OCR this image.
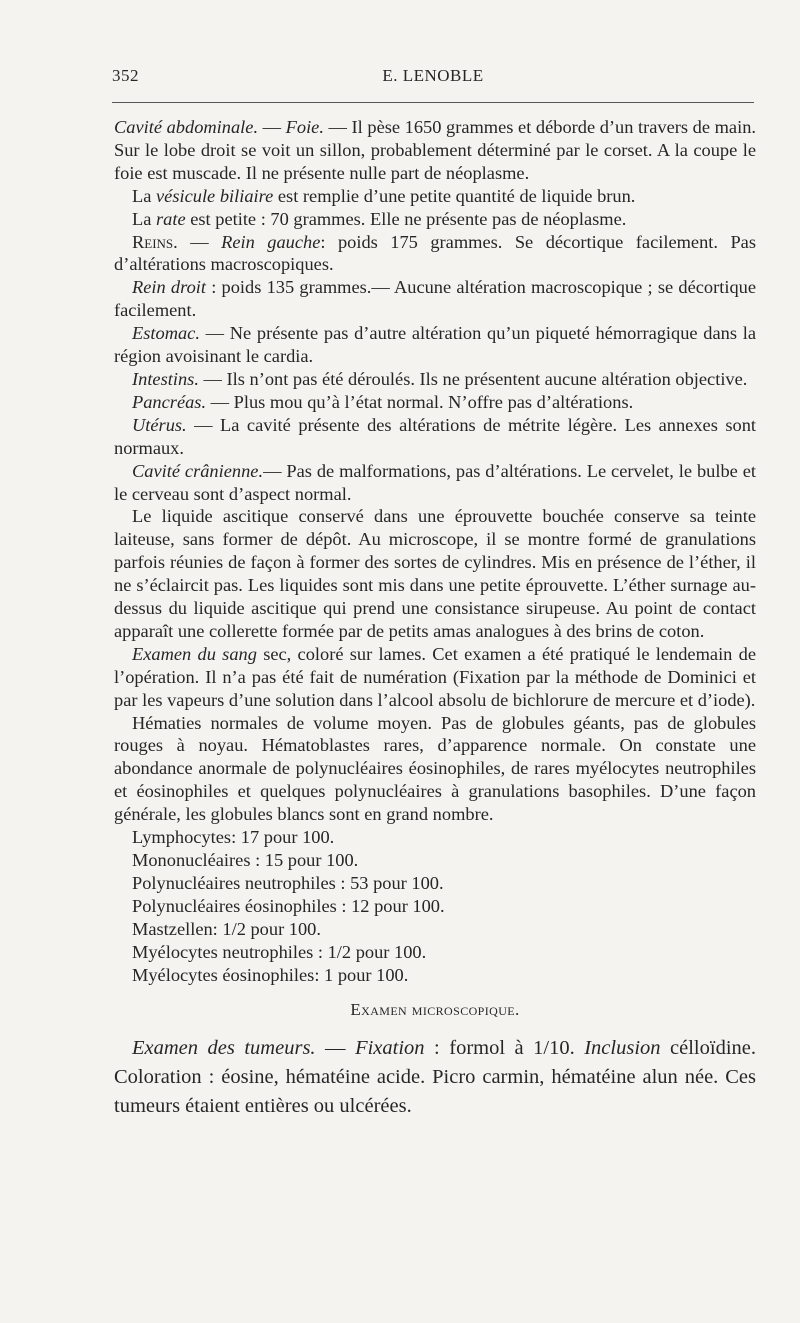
352	E. LENOBLE

Cavité abdominale. — Foie. — Il pèse 1650 grammes et déborde d’un travers de main. Sur le lobe droit se voit un sillon, probablement déterminé par le corset. A la coupe le foie est muscade. Il ne présente nulle part de néoplasme.

La vésicule biliaire est remplie d’une petite quantité de liquide brun.

La rate est petite : 70 grammes. Elle ne présente pas de néoplasme.

Reins. — Rein gauche: poids 175 grammes. Se décortique facilement. Pas d’altérations macroscopiques.

Rein droit : poids 135 grammes.— Aucune altération macroscopique ; se décortique facilement.

Estomac. — Ne présente pas d’autre altération qu’un piqueté hémorragique dans la région avoisinant le cardia.

Intestins. — Ils n’ont pas été déroulés. Ils ne présentent aucune altération objective.

Pancréas. — Plus mou qu’à l’état normal. N’offre pas d’altérations.

Utérus. — La cavité présente des altérations de métrite légère. Les annexes sont normaux.

Cavité crânienne.— Pas de malformations, pas d’altérations. Le cervelet, le bulbe et le cerveau sont d’aspect normal.

Le liquide ascitique conservé dans une éprouvette bouchée conserve sa teinte laiteuse, sans former de dépôt. Au microscope, il se montre formé de granulations parfois réunies de façon à former des sortes de cylindres. Mis en présence de l’éther, il ne s’éclaircit pas. Les liquides sont mis dans une petite éprouvette. L’éther surnage au-dessus du liquide ascitique qui prend une consistance sirupeuse. Au point de contact apparaît une collerette formée par de petits amas analogues à des brins de coton.

Examen du sang sec, coloré sur lames. Cet examen a été pratiqué le lendemain de l’opération. Il n’a pas été fait de numération (Fixation par la méthode de Dominici et par les vapeurs d’une solution dans l’alcool absolu de bichlorure de mercure et d’iode).

Hématies normales de volume moyen. Pas de globules géants, pas de globules rouges à noyau. Hématoblastes rares, d’apparence normale. On constate une abondance anormale de polynucléaires éosinophiles, de rares myélocytes neutrophiles et éosinophiles et quelques polynucléaires à granulations basophiles. D’une façon générale, les globules blancs sont en grand nombre.

Lymphocytes: 17 pour 100.
Mononucléaires : 15 pour 100.
Polynucléaires neutrophiles : 53 pour 100.
Polynucléaires éosinophiles : 12 pour 100.
Mastzellen: 1/2 pour 100.
Myélocytes neutrophiles : 1/2 pour 100.
Myélocytes éosinophiles: 1 pour 100.
Examen microscopique.

Examen des tumeurs. — Fixation : formol à 1/10. Inclusion célloïdine. Coloration : éosine, hématéine acide. Picro carmin, hématéine alun née. Ces tumeurs étaient entières ou ulcérées.
